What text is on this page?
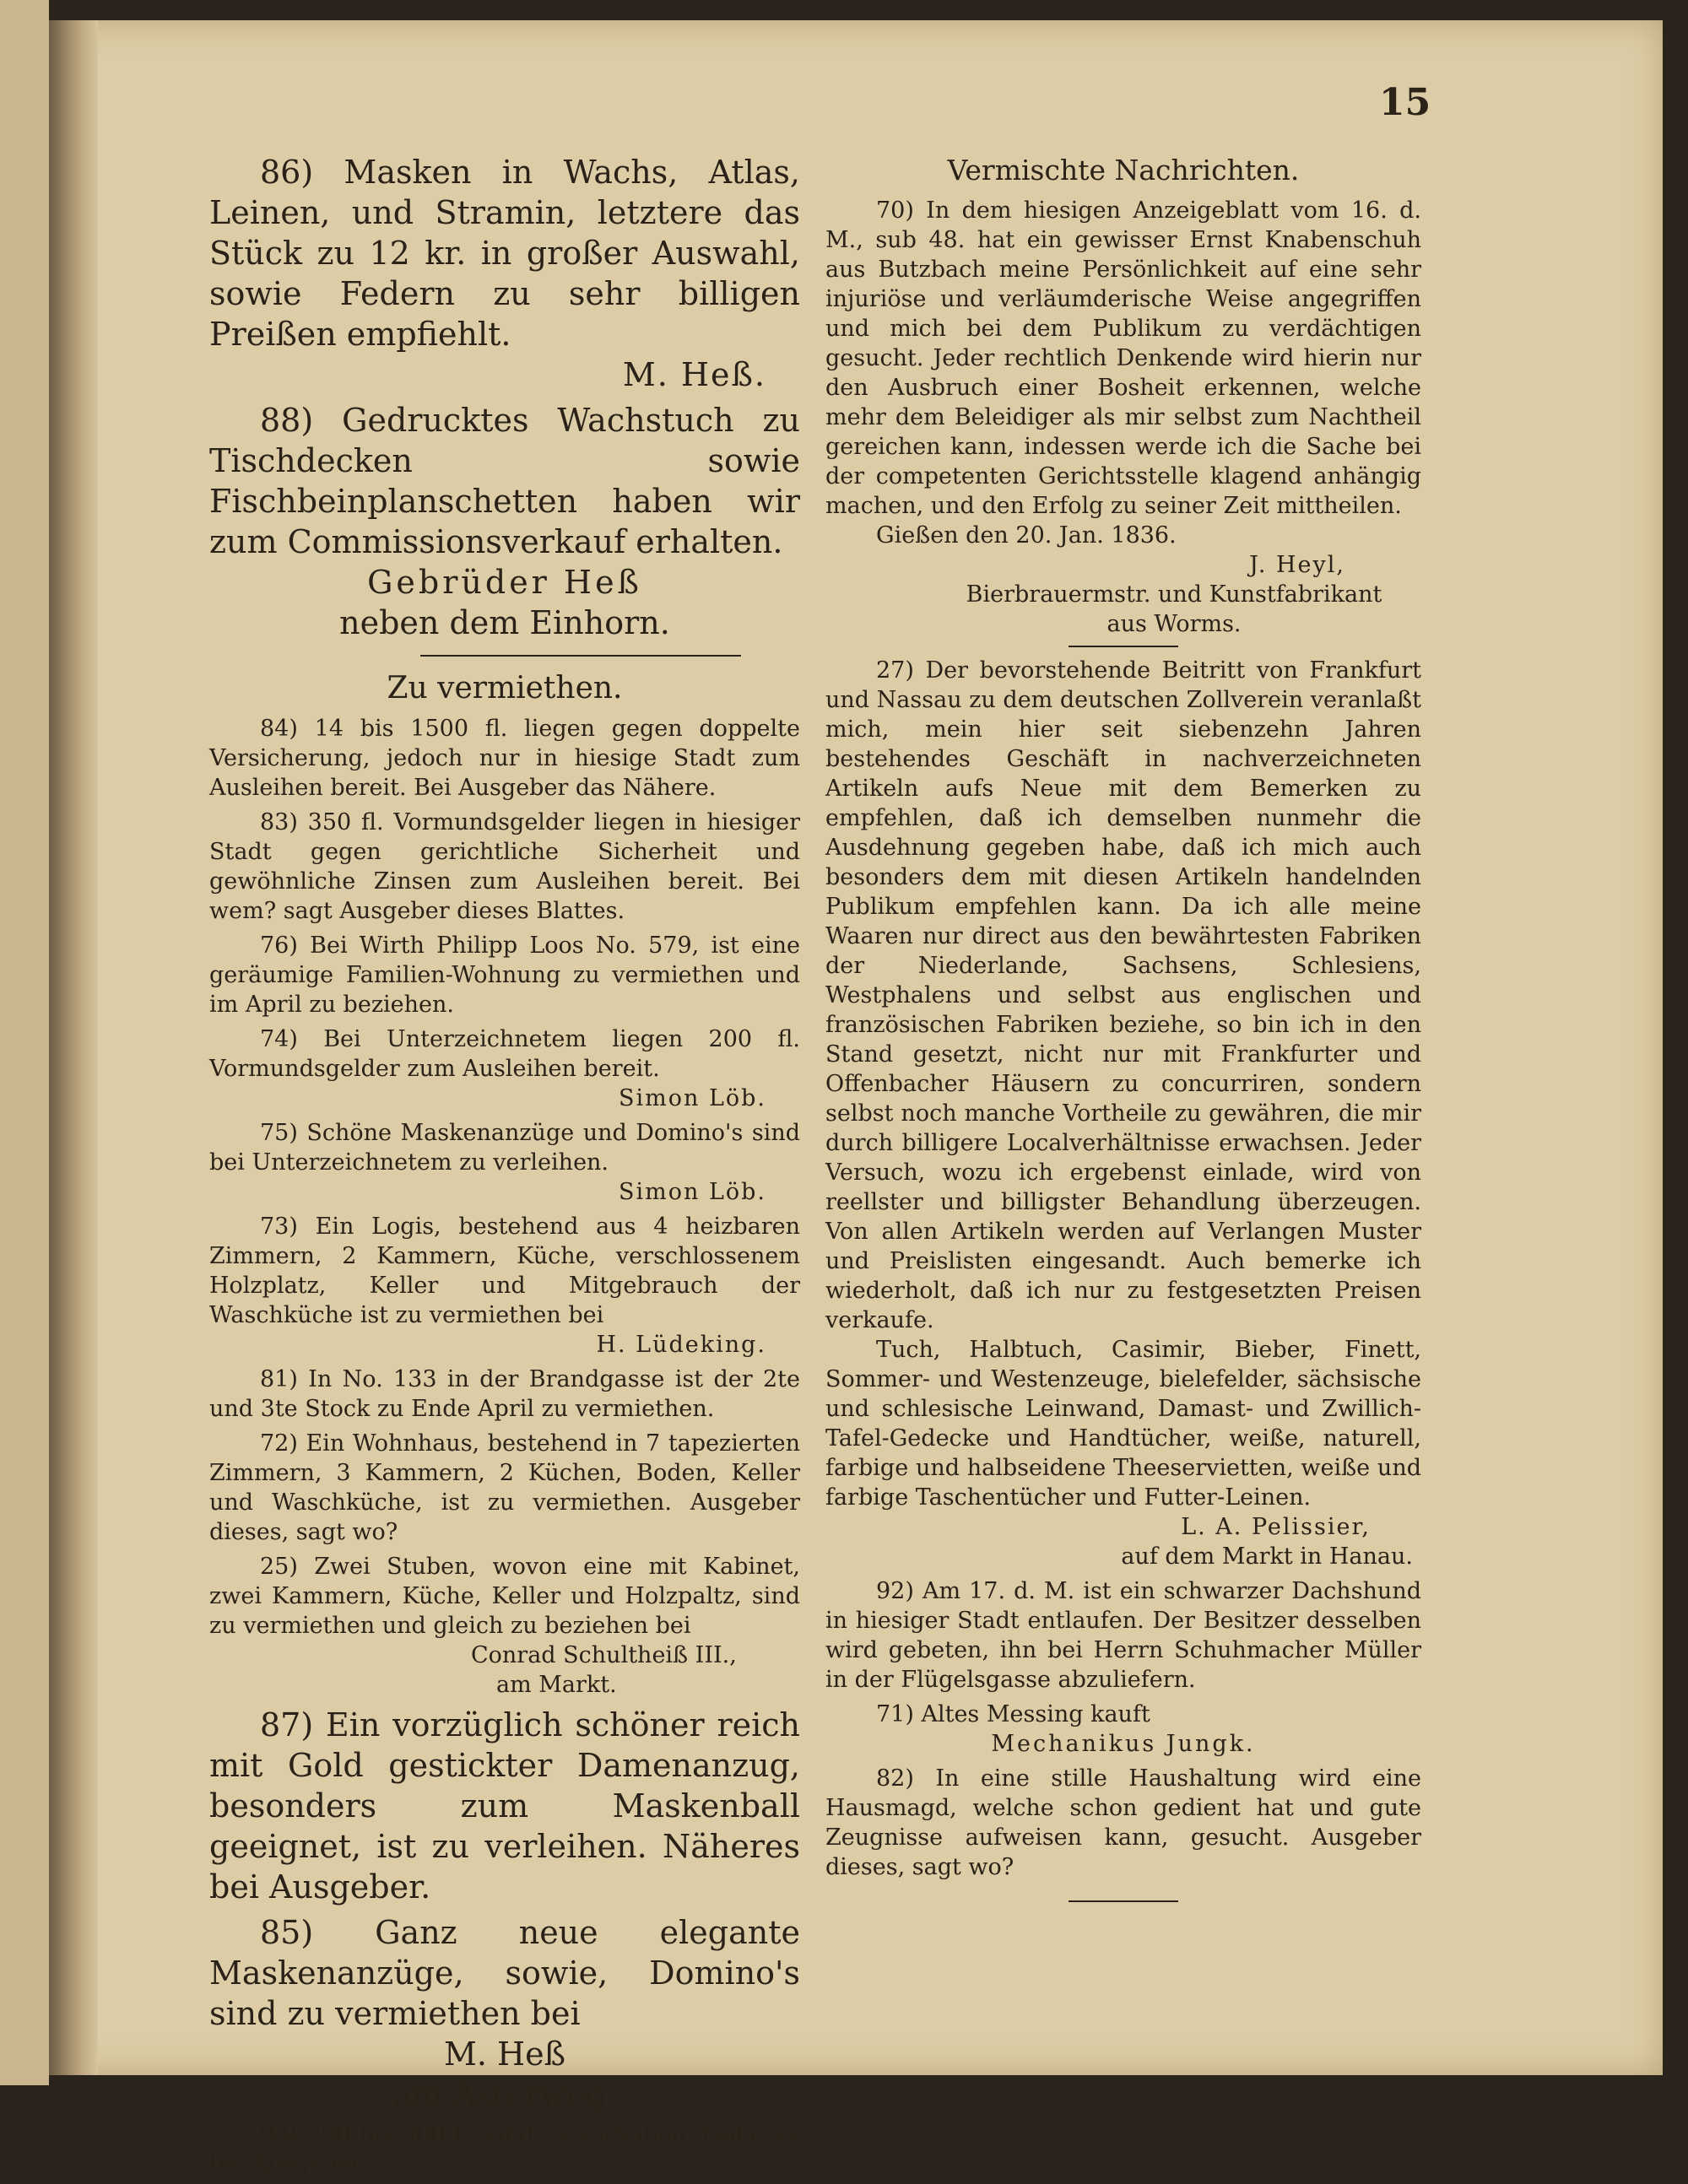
15

86) Masken in Wachs, Atlas, Leinen, und Stramin, letztere das Stück zu 12 kr. in großer Auswahl, sowie Federn zu sehr billigen Preißen empfiehlt.

M. Heß.

88) Gedrucktes Wachstuch zu Tischdecken sowie Fischbeinplanschetten haben wir zum Commissionsverkauf erhalten.

Gebrüder Heß
neben dem Einhorn.
Zu vermiethen.

84) 14 bis 1500 fl. liegen gegen doppelte Versicherung, jedoch nur in hiesige Stadt zum Ausleihen bereit. Bei Ausgeber das Nähere.

83) 350 fl. Vormundsgelder liegen in hiesiger Stadt gegen gerichtliche Sicherheit und gewöhnliche Zinsen zum Ausleihen bereit. Bei wem? sagt Ausgeber dieses Blattes.

76) Bei Wirth Philipp Loos No. 579, ist eine geräumige Familien-Wohnung zu vermiethen und im April zu beziehen.

74) Bei Unterzeichnetem liegen 200 fl. Vormundsgelder zum Ausleihen bereit.

Simon Löb.

75) Schöne Maskenanzüge und Domino's sind bei Unterzeichnetem zu verleihen.

Simon Löb.

73) Ein Logis, bestehend aus 4 heizbaren Zimmern, 2 Kammern, Küche, verschlossenem Holzplatz, Keller und Mitgebrauch der Waschküche ist zu vermiethen bei

H. Lüdeking.

81) In No. 133 in der Brandgasse ist der 2te und 3te Stock zu Ende April zu vermiethen.

72) Ein Wohnhaus, bestehend in 7 tapezierten Zimmern, 3 Kammern, 2 Küchen, Boden, Keller und Waschküche, ist zu vermiethen. Ausgeber dieses, sagt wo?

25) Zwei Stuben, wovon eine mit Kabinet, zwei Kammern, Küche, Keller und Holzpaltz, sind zu vermiethen und gleich zu beziehen bei

Conrad Schultheiß III.,
am Markt.

87) Ein vorzüglich schöner reich mit Gold gestickter Damenanzug, besonders zum Maskenball geeignet, ist zu verleihen. Näheres bei Ausgeber.

85) Ganz neue elegante Maskenanzüge, sowie, Domino's sind zu vermiethen bei

M. Heß
am Asterweg.

93) 200 bis 300 fl. sind zu verleihen. Näheres bei Ausgeber

Vermischte Nachrichten.

70) In dem hiesigen Anzeigeblatt vom 16. d. M., sub 48. hat ein gewisser Ernst Knabenschuh aus Butzbach meine Persönlichkeit auf eine sehr injuriöse und verläumderische Weise angegriffen und mich bei dem Publikum zu verdächtigen gesucht. Jeder rechtlich Denkende wird hierin nur den Ausbruch einer Bosheit erkennen, welche mehr dem Beleidiger als mir selbst zum Nachtheil gereichen kann, indessen werde ich die Sache bei der competenten Gerichtsstelle klagend anhängig machen, und den Erfolg zu seiner Zeit mittheilen.

Gießen den 20. Jan. 1836.

J. Heyl,
Bierbrauermstr. und Kunstfabrikant
aus Worms.

27) Der bevorstehende Beitritt von Frankfurt und Nassau zu dem deutschen Zollverein veranlaßt mich, mein hier seit siebenzehn Jahren bestehendes Geschäft in nachverzeichneten Artikeln aufs Neue mit dem Bemerken zu empfehlen, daß ich demselben nunmehr die Ausdehnung gegeben habe, daß ich mich auch besonders dem mit diesen Artikeln handelnden Publikum empfehlen kann. Da ich alle meine Waaren nur direct aus den bewährtesten Fabriken der Niederlande, Sachsens, Schlesiens, Westphalens und selbst aus englischen und französischen Fabriken beziehe, so bin ich in den Stand gesetzt, nicht nur mit Frankfurter und Offenbacher Häusern zu concurriren, sondern selbst noch manche Vortheile zu gewähren, die mir durch billigere Localverhältnisse erwachsen. Jeder Versuch, wozu ich ergebenst einlade, wird von reellster und billigster Behandlung überzeugen. Von allen Artikeln werden auf Verlangen Muster und Preislisten eingesandt. Auch bemerke ich wiederholt, daß ich nur zu festgesetzten Preisen verkaufe.

Tuch, Halbtuch, Casimir, Bieber, Finett, Sommer- und Westenzeuge, bielefelder, sächsische und schlesische Leinwand, Damast- und Zwillich-Tafel-Gedecke und Handtücher, weiße, naturell, farbige und halbseidene Theeservietten, weiße und farbige Taschentücher und Futter-Leinen.

L. A. Pelissier,
auf dem Markt in Hanau.

92) Am 17. d. M. ist ein schwarzer Dachshund in hiesiger Stadt entlaufen. Der Besitzer desselben wird gebeten, ihn bei Herrn Schuhmacher Müller in der Flügelsgasse abzuliefern.

71) Altes Messing kauft

Mechanikus Jungk.

82) In eine stille Haushaltung wird eine Hausmagd, welche schon gedient hat und gute Zeugnisse aufweisen kann, gesucht. Ausgeber dieses, sagt wo?
